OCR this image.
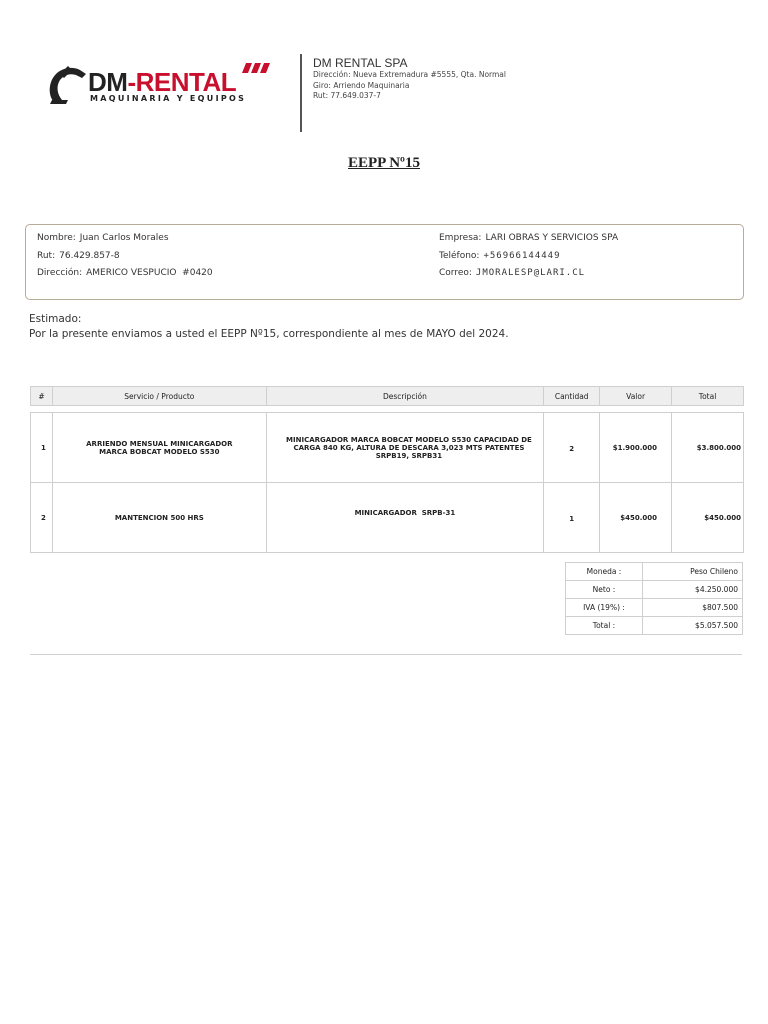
DM-RENTAL
MAQUINARIA Y EQUIPOS
DM RENTAL SPA
Dirección: Nueva Extremadura #5555, Qta. Normal
Giro: Arriendo Maquinaria
Rut: 77.649.037-7
EEPP Nº15
Nombre: Juan Carlos Morales
Rut: 76.429.857-8
Dirección: AMERICO VESPUCIO  #0420
Empresa: LARI OBRAS Y SERVICIOS SPA
Teléfono: +56966144449
Correo: JMORALESP@LARI.CL
Estimado:
Por la presente enviamos a usted el EEPP Nº15, correspondiente al mes de MAYO del 2024.
#	Servicio / Producto	Descripción	Cantidad	Valor	Total
1	ARRIENDO MENSUAL MINICARGADOR MARCA BOBCAT MODELO S530	MINICARGADOR MARCA BOBCAT MODELO S530 CAPACIDAD DE CARGA 840 KG, ALTURA DE DESCARA 3,023 MTS PATENTES SRPB19, SRPB31	2	$1.900.000	$3.800.000
2	MANTENCION 500 HRS	MINICARGADOR  SRPB-31	1	$450.000	$450.000
Moneda :	Peso Chileno
Neto :	$4.250.000
IVA (19%) :	$807.500
Total :	$5.057.500
